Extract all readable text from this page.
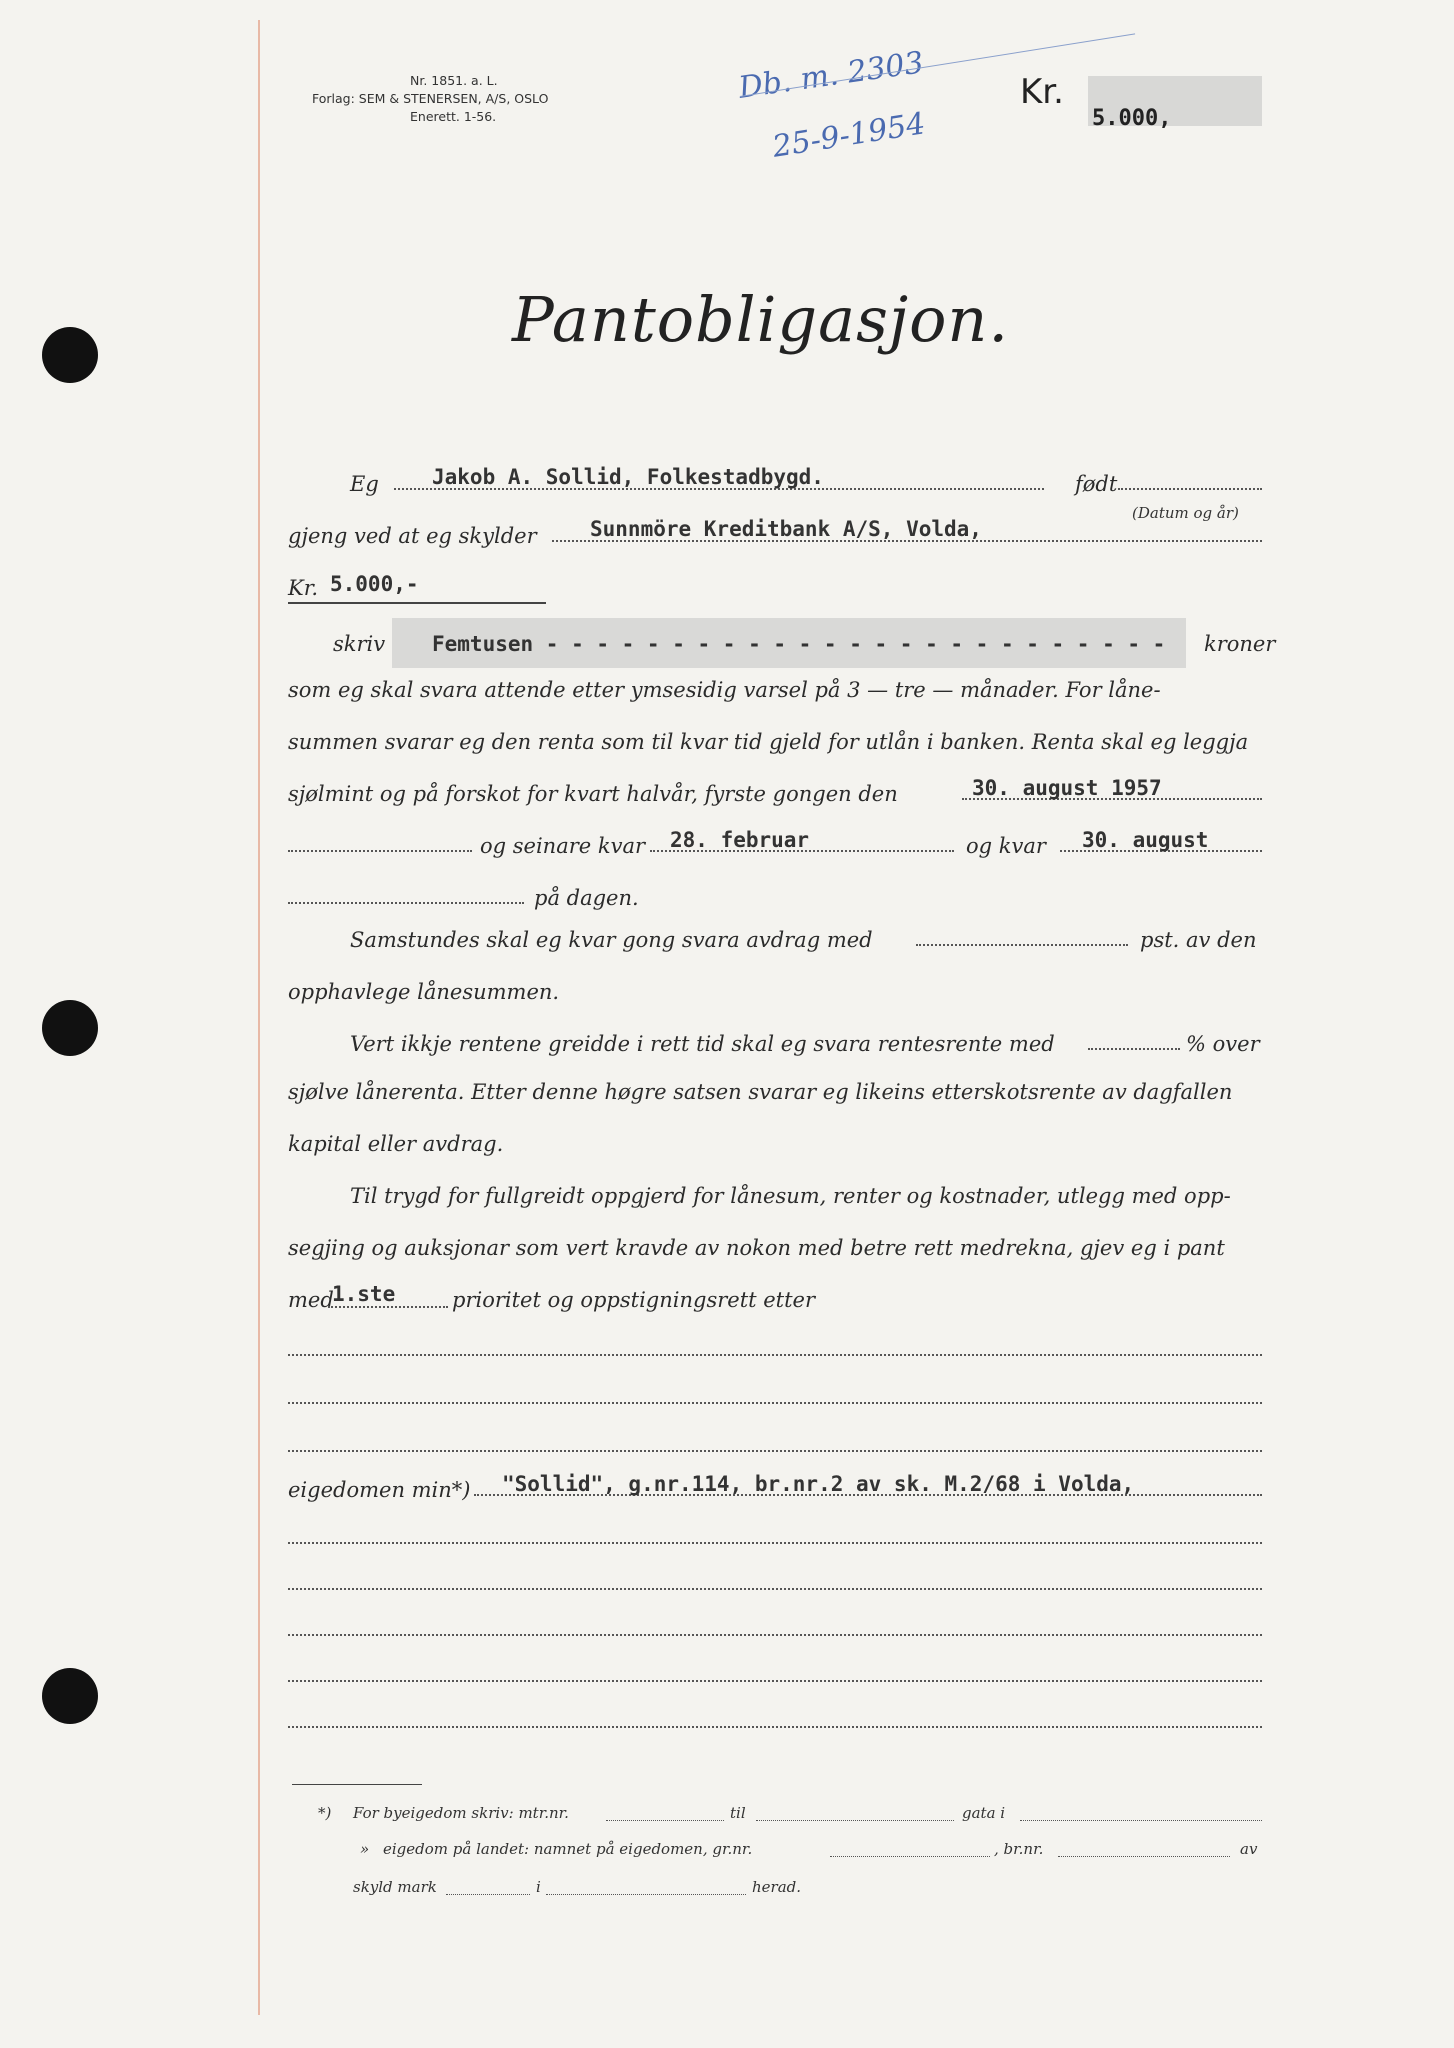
Nr. 1851. a. L.
Forlag: SEM & STENERSEN, A/S, OSLO
Enerett. 1-56.
Db. m. 2303
25-9-1954
Kr.
5.000,
Pantobligasjon.
Eg	Jakob A. Sollid, Folkestadbygd.	født
(Datum og år)
gjeng ved at eg skylder	Sunnmöre Kreditbank A/S, Volda,
Kr. 5.000,-
skriv Femtusen - - - - - - - - - - - - - - - - - - - - - - - - - kroner
som eg skal svara attende etter ymsesidig varsel på 3 — tre — månader. For låne-
summen svarar eg den renta som til kvar tid gjeld for utlån i banken. Renta skal eg leggja
sjølmint og på forskot for kvart halvår, fyrste gongen den	30. august 1957
og seinare kvar 28. februar	og kvar 30. august
på dagen.
Samstundes skal eg kvar gong svara avdrag med	pst. av den
opphavlege lånesummen.
Vert ikkje rentene greidde i rett tid skal eg svara rentesrente med	% over
sjølve lånerenta. Etter denne høgre satsen svarar eg likeins etterskotsrente av dagfallen
kapital eller avdrag.
Til trygd for fullgreidt oppgjerd for lånesum, renter og kostnader, utlegg med opp-
segjing og auksjonar som vert kravde av nokon med betre rett medrekna, gjev eg i pant
med
1.ste	prioritet og oppstigningsrett etter
eigedomen min*) "Sollid", g.nr.114, br.nr.2 av sk. M.2/68 i Volda,
*) For byeigedom skriv: mtr.nr.	til	gata i
» eigedom på landet: namnet på eigedomen, gr.nr.	, br.nr.	av
skyld mark	i	herad.
